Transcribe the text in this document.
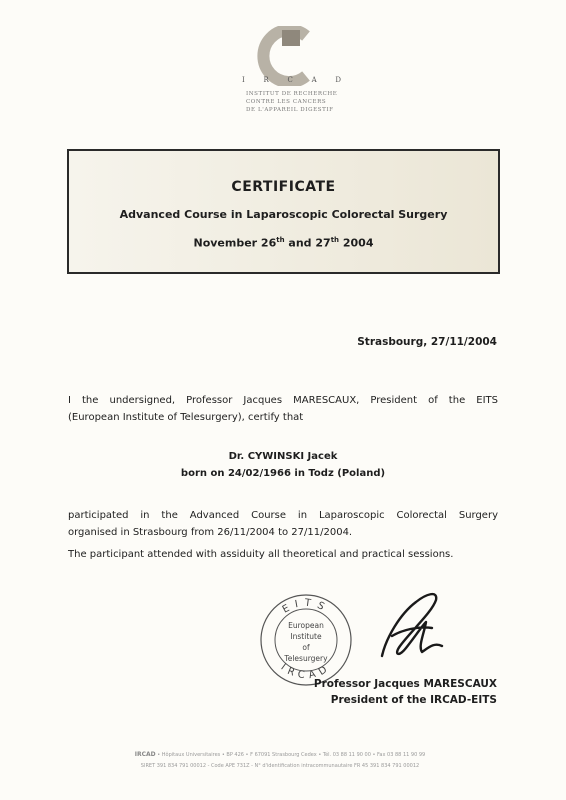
I	R	C	A	D
INSTITUT DE RECHERCHE
CONTRE LES CANCERS
DE L'APPAREIL DIGESTIF
CERTIFICATE
Advanced Course in Laparoscopic Colorectal Surgery
November 26th and 27th 2004
Strasbourg, 27/11/2004
I the undersigned, Professor Jacques MARESCAUX, President of the EITS
(European Institute of Telesurgery), certify that
Dr. CYWINSKI Jacek
born on 24/02/1966 in Todz (Poland)
participated in the Advanced Course in Laparoscopic Colorectal Surgery
organised in Strasbourg from 26/11/2004 to 27/11/2004.
The participant attended with assiduity all theoretical and practical sessions.
EITS
IRCAD
European
Institute
of
Telesurgery
Professor Jacques MARESCAUX
President of the IRCAD-EITS
IRCAD • Hôpitaux Universitaires • BP 426 • F 67091 Strasbourg Cedex • Tél. 03 88 11 90 00 • Fax 03 88 11 90 99
SIRET 391 834 791 00012 - Code APE 731Z - N° d'identification intracommunautaire FR 45 391 834 791 00012
